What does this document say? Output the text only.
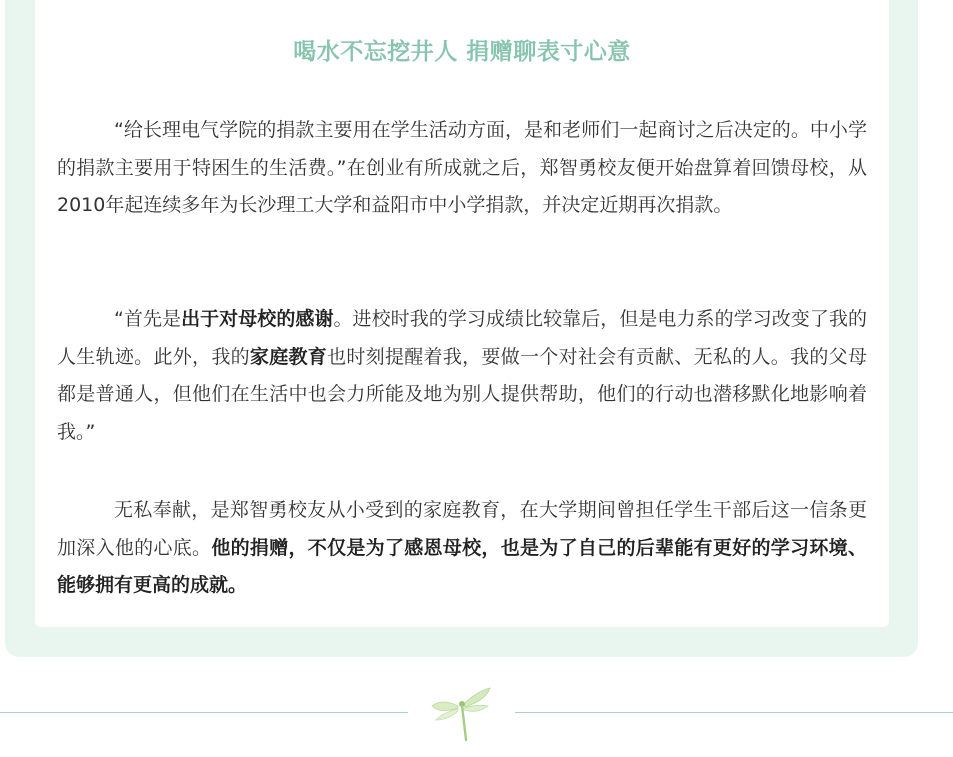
喝水不忘挖井人 捐赠聊表寸心意

“给长理电气学院的捐款主要用在学生活动方面，是和老师们一起商讨之后决定的。中小学的捐款主要用于特困生的生活费。”在创业有所成就之后，郑智勇校友便开始盘算着回馈母校，从2010年起连续多年为长沙理工大学和益阳市中小学捐款，并决定近期再次捐款。

“首先是出于对母校的感谢。进校时我的学习成绩比较靠后，但是电力系的学习改变了我的人生轨迹。此外，我的家庭教育也时刻提醒着我，要做一个对社会有贡献、无私的人。我的父母都是普通人，但他们在生活中也会力所能及地为别人提供帮助，他们的行动也潜移默化地影响着我。”

无私奉献，是郑智勇校友从小受到的家庭教育，在大学期间曾担任学生干部后这一信条更加深入他的心底。他的捐赠，不仅是为了感恩母校，也是为了自己的后辈能有更好的学习环境、能够拥有更高的成就。
